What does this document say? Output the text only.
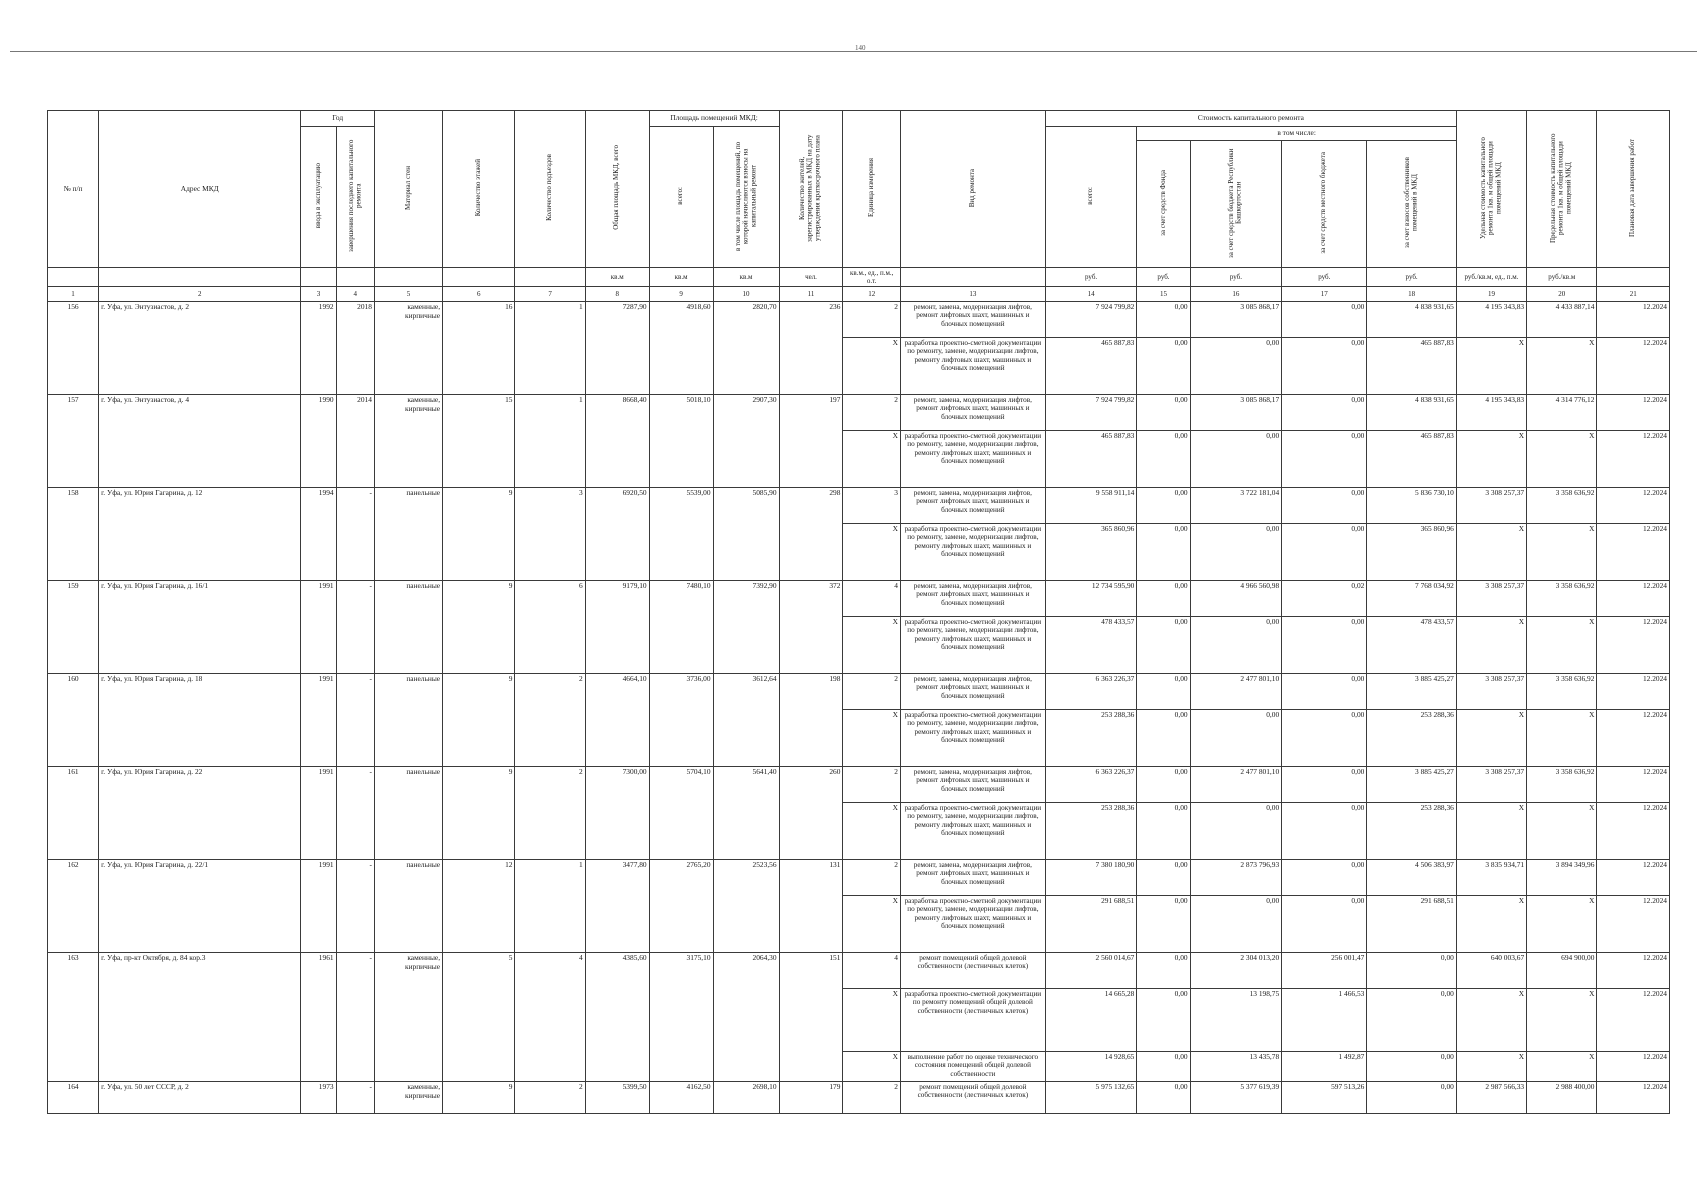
140
№ п/п	Адрес МКД	Год		Материал стен	Количество этажей	Количество подъездов	Общая площадь МКД, всего	Площадь помещений МКД:		Количество жителей, зарегистрированных в МКД на дату утверждения краткосрочного плана	Единица измерения	Вид ремонта	Стоимость капитального ремонта					Удельная стоимость капитального ремонта 1кв. м общей площади помещений МКД	Предельная стоимость капитального ремонта 1кв. м общей площади помещений МКД	Плановая дата завершения работ
		ввода в эксплуатацию	завершения последнего капитального ремонта					всего:	в том числе площадь помещений, по которой начисляются взносы на капитальный ремонт				всего:	в том числе:						
														за счет средств Фонда	за счет средств бюджета Республики Башкортостан	за счет средств местного бюджета	за счет взносов собственников помещений в МКД			
							кв.м	кв.м	кв.м	чел.	кв.м., ед., п.м., о.т.		руб.	руб.	руб.	руб.	руб.	руб./кв.м, ед., п.м.	руб./кв.м	
1	2	3	4	5	6	7	8	9	10	11	12	13	14	15	16	17	18	19	20	21
156	г. Уфа, ул. Энтузиастов, д. 2	1992	2018	каменные, кирпичные	16	1	7287,90	4918,60	2820,70	236	2	ремонт, замена, модернизация лифтов, ремонт лифтовых шахт, машинных и блочных помещений	7 924 799,82	0,00	3 085 868,17	0,00	4 838 931,65	4 195 343,83	4 433 887,14	12.2024
											X	разработка проектно-сметной документации по ремонту, замене, модернизации лифтов, ремонту лифтовых шахт, машинных и блочных помещений	465 887,83	0,00	0,00	0,00	465 887,83	X	X	12.2024
157	г. Уфа, ул. Энтузиастов, д. 4	1990	2014	каменные, кирпичные	15	1	8668,40	5018,10	2907,30	197	2	ремонт, замена, модернизация лифтов, ремонт лифтовых шахт, машинных и блочных помещений	7 924 799,82	0,00	3 085 868,17	0,00	4 838 931,65	4 195 343,83	4 314 776,12	12.2024
											X	разработка проектно-сметной документации по ремонту, замене, модернизации лифтов, ремонту лифтовых шахт, машинных и блочных помещений	465 887,83	0,00	0,00	0,00	465 887,83	X	X	12.2024
158	г. Уфа, ул. Юрия Гагарина, д. 12	1994	-	панельные	9	3	6920,50	5539,00	5085,90	298	3	ремонт, замена, модернизация лифтов, ремонт лифтовых шахт, машинных и блочных помещений	9 558 911,14	0,00	3 722 181,04	0,00	5 836 730,10	3 308 257,37	3 358 636,92	12.2024
											X	разработка проектно-сметной документации по ремонту, замене, модернизации лифтов, ремонту лифтовых шахт, машинных и блочных помещений	365 860,96	0,00	0,00	0,00	365 860,96	X	X	12.2024
159	г. Уфа, ул. Юрия Гагарина, д. 16/1	1991	-	панельные	9	6	9179,10	7480,10	7392,90	372	4	ремонт, замена, модернизация лифтов, ремонт лифтовых шахт, машинных и блочных помещений	12 734 595,90	0,00	4 966 560,98	0,02	7 768 034,92	3 308 257,37	3 358 636,92	12.2024
											X	разработка проектно-сметной документации по ремонту, замене, модернизации лифтов, ремонту лифтовых шахт, машинных и блочных помещений	478 433,57	0,00	0,00	0,00	478 433,57	X	X	12.2024
160	г. Уфа, ул. Юрия Гагарина, д. 18	1991	-	панельные	9	2	4664,10	3736,00	3612,64	198	2	ремонт, замена, модернизация лифтов, ремонт лифтовых шахт, машинных и блочных помещений	6 363 226,37	0,00	2 477 801,10	0,00	3 885 425,27	3 308 257,37	3 358 636,92	12.2024
											X	разработка проектно-сметной документации по ремонту, замене, модернизации лифтов, ремонту лифтовых шахт, машинных и блочных помещений	253 288,36	0,00	0,00	0,00	253 288,36	X	X	12.2024
161	г. Уфа, ул. Юрия Гагарина, д. 22	1991	-	панельные	9	2	7300,00	5704,10	5641,40	260	2	ремонт, замена, модернизация лифтов, ремонт лифтовых шахт, машинных и блочных помещений	6 363 226,37	0,00	2 477 801,10	0,00	3 885 425,27	3 308 257,37	3 358 636,92	12.2024
											X	разработка проектно-сметной документации по ремонту, замене, модернизации лифтов, ремонту лифтовых шахт, машинных и блочных помещений	253 288,36	0,00	0,00	0,00	253 288,36	X	X	12.2024
162	г. Уфа, ул. Юрия Гагарина, д. 22/1	1991	-	панельные	12	1	3477,80	2765,20	2523,56	131	2	ремонт, замена, модернизация лифтов, ремонт лифтовых шахт, машинных и блочных помещений	7 380 180,90	0,00	2 873 796,93	0,00	4 506 383,97	3 835 934,71	3 894 349,96	12.2024
											X	разработка проектно-сметной документации по ремонту, замене, модернизации лифтов, ремонту лифтовых шахт, машинных и блочных помещений	291 688,51	0,00	0,00	0,00	291 688,51	X	X	12.2024
163	г. Уфа, пр-кт Октября, д. 84 кор.3	1961	-	каменные, кирпичные	5	4	4385,60	3175,10	2064,30	151	4	ремонт помещений общей долевой собственности (лестничных клеток)	2 560 014,67	0,00	2 304 013,20	256 001,47	0,00	640 003,67	694 900,00	12.2024
											X	разработка проектно-сметной документации по ремонту помещений общей долевой собственности (лестничных клеток)	14 665,28	0,00	13 198,75	1 466,53	0,00	X	X	12.2024
											X	выполнение работ по оценке технического состояния помещений общей долевой собственности	14 928,65	0,00	13 435,78	1 492,87	0,00	X	X	12.2024
164	г. Уфа, ул. 50 лет СССР, д. 2	1973	-	каменные, кирпичные	9	2	5399,50	4162,50	2698,10	179	2	ремонт помещений общей долевой собственности (лестничных клеток)	5 975 132,65	0,00	5 377 619,39	597 513,26	0,00	2 987 566,33	2 988 400,00	12.2024
